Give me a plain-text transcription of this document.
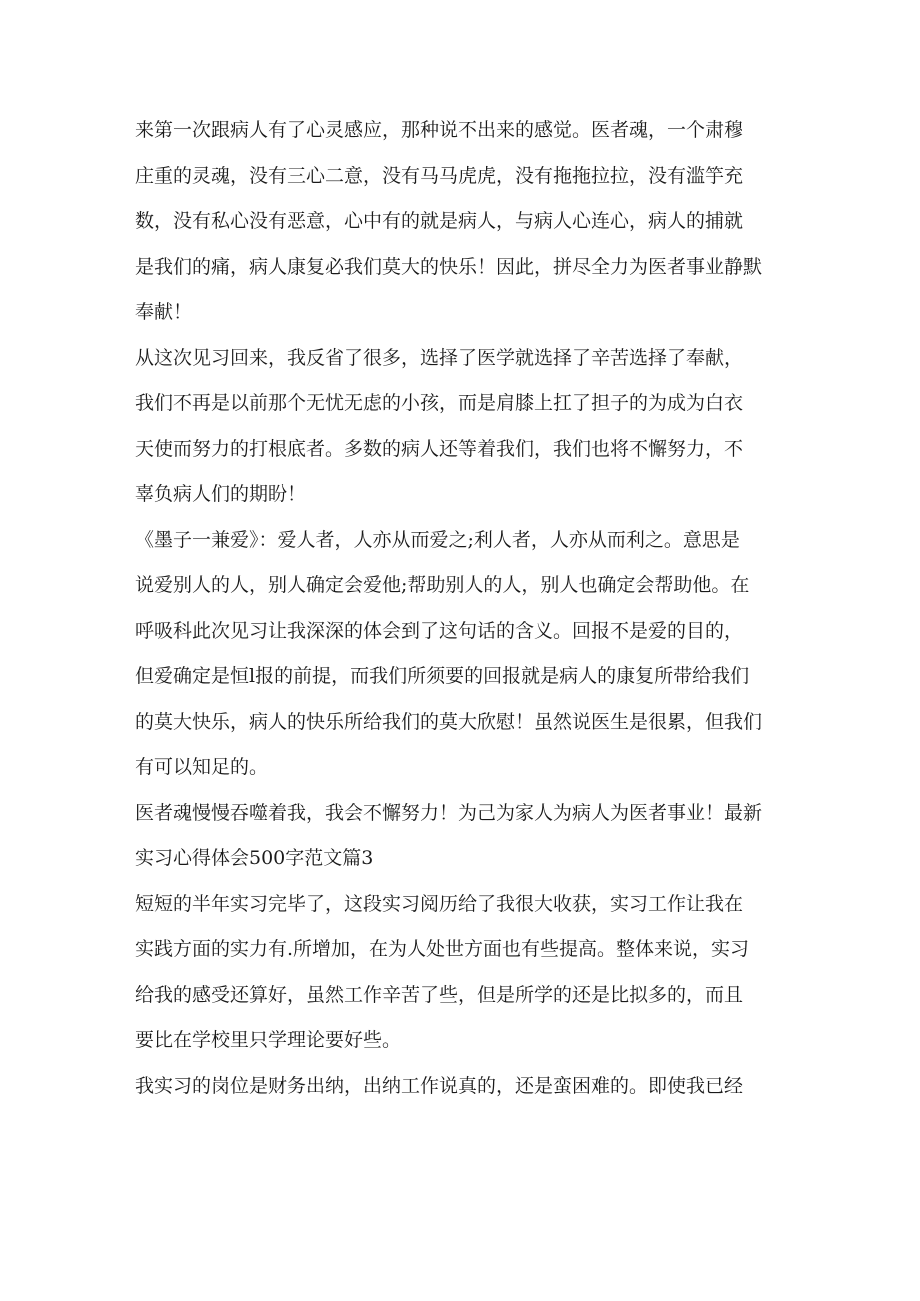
来第一次跟病人有了心灵感应，那种说不出来的感觉。医者魂，一个肃穆
庄重的灵魂，没有三心二意，没有马马虎虎，没有拖拖拉拉，没有滥竽充
数，没有私心没有恶意，心中有的就是病人，与病人心连心，病人的捕就
是我们的痛，病人康复必我们莫大的快乐！因此，拼尽全力为医者事业静默
奉献！
从这次见习回来，我反省了很多，选择了医学就选择了辛苦选择了奉献，
我们不再是以前那个无忧无虑的小孩，而是肩膝上扛了担子的为成为白衣
天使而努力的打根底者。多数的病人还等着我们，我们也将不懈努力，不
辜负病人们的期盼！
《墨子一兼爱》：爱人者，人亦从而爱之;利人者，人亦从而利之。意思是
说爱别人的人，别人确定会爱他;帮助别人的人，别人也确定会帮助他。在
呼吸科此次见习让我深深的体会到了这句话的含义。回报不是爱的目的，
但爱确定是恒l报的前提，而我们所须要的回报就是病人的康复所带给我们
的莫大快乐，病人的快乐所给我们的莫大欣慰！虽然说医生是很累，但我们
有可以知足的。
医者魂慢慢吞噬着我，我会不懈努力！为己为家人为病人为医者事业！最新
实习心得体会500字范文篇3
短短的半年实习完毕了，这段实习阅历给了我很大收获，实习工作让我在
实践方面的实力有.所增加，在为人处世方面也有些提高。整体来说，实习
给我的感受还算好，虽然工作辛苦了些，但是所学的还是比拟多的，而且
要比在学校里只学理论要好些。
我实习的岗位是财务出纳，出纳工作说真的，还是蛮困难的。即使我已经
